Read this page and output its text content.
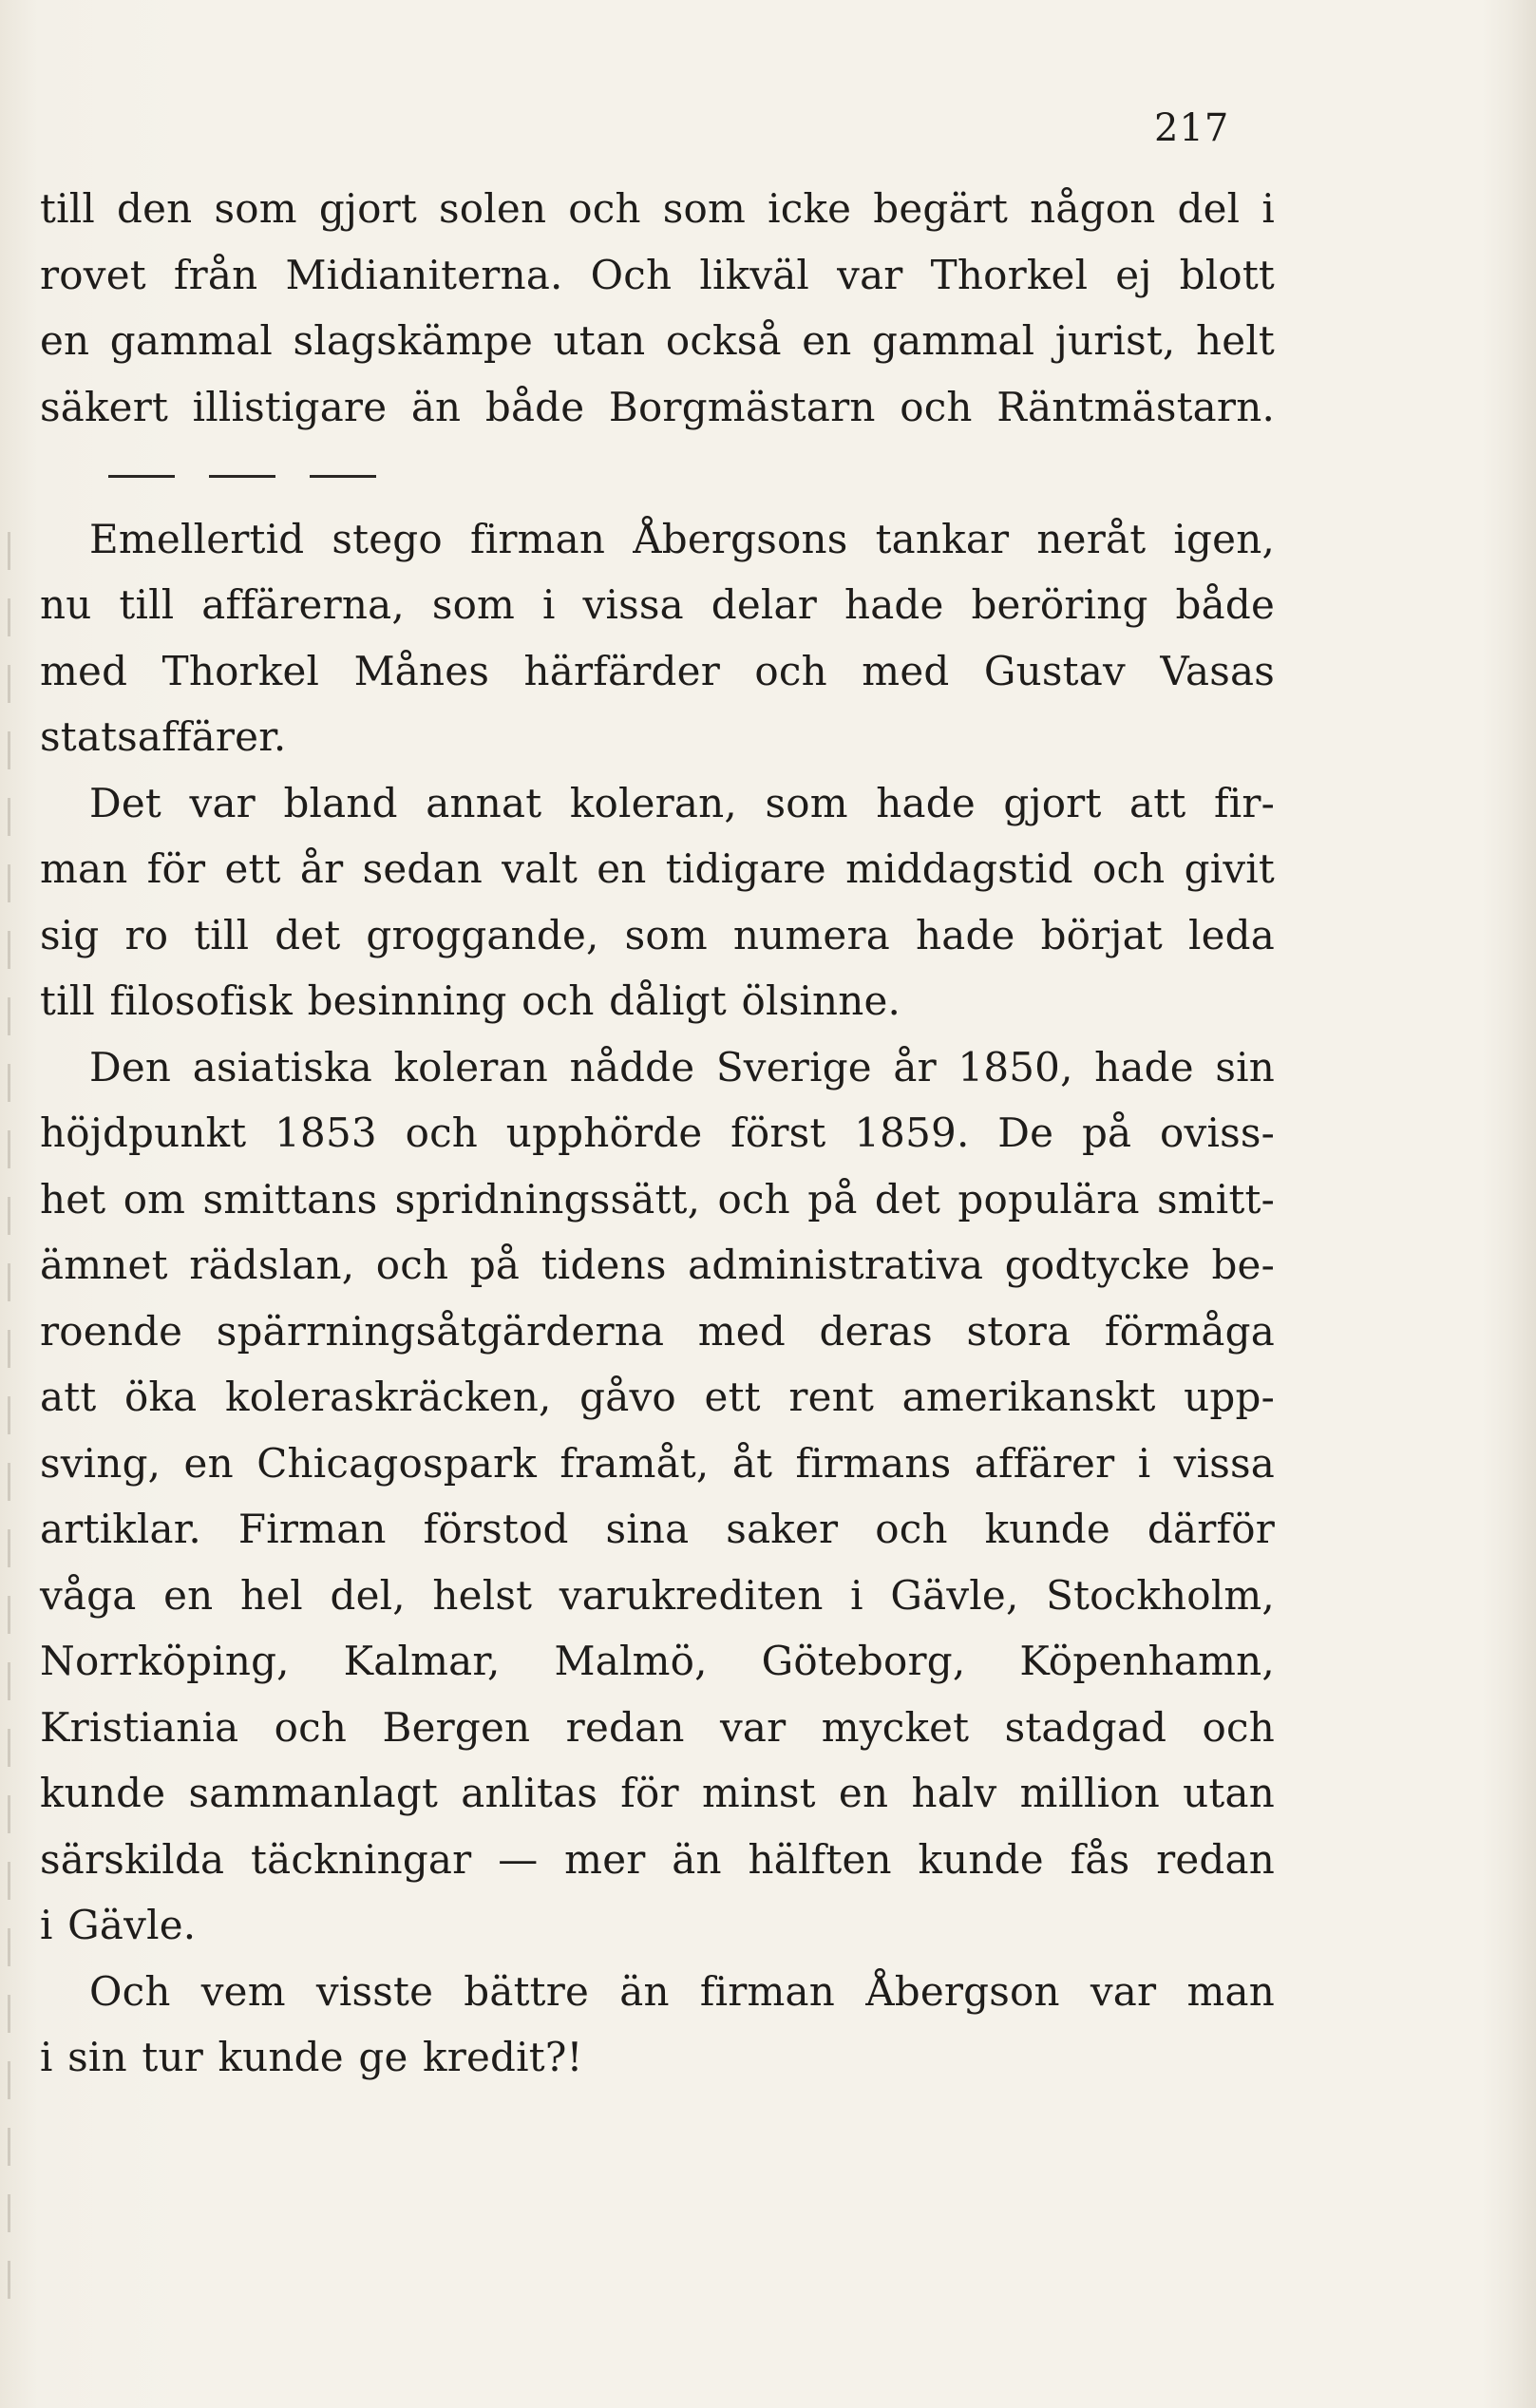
217
till den som gjort solen och som icke begärt någon del i
rovet från Midianiterna. Och likväl var Thorkel ej blott
en gammal slagskämpe utan också en gammal jurist, helt
säkert illistigare än både Borgmästarn och Räntmästarn.
Emellertid stego firman Åbergsons tankar neråt igen,
nu till affärerna, som i vissa delar hade beröring både
med Thorkel Månes härfärder och med Gustav Vasas
statsaffärer.
Det var bland annat koleran, som hade gjort att fir-
man för ett år sedan valt en tidigare middagstid och givit
sig ro till det groggande, som numera hade börjat leda
till filosofisk besinning och dåligt ölsinne.
Den asiatiska koleran nådde Sverige år 1850, hade sin
höjdpunkt 1853 och upphörde först 1859. De på oviss-
het om smittans spridningssätt, och på det populära smitt-
ämnet rädslan, och på tidens administrativa godtycke be-
roende spärrningsåtgärderna med deras stora förmåga
att öka koleraskräcken, gåvo ett rent amerikanskt upp-
sving, en Chicagospark framåt, åt firmans affärer i vissa
artiklar. Firman förstod sina saker och kunde därför
våga en hel del, helst varukrediten i Gävle, Stockholm,
Norrköping, Kalmar, Malmö, Göteborg, Köpenhamn,
Kristiania och Bergen redan var mycket stadgad och
kunde sammanlagt anlitas för minst en halv million utan
särskilda täckningar — mer än hälften kunde fås redan
i Gävle.
Och vem visste bättre än firman Åbergson var man
i sin tur kunde ge kredit?!
